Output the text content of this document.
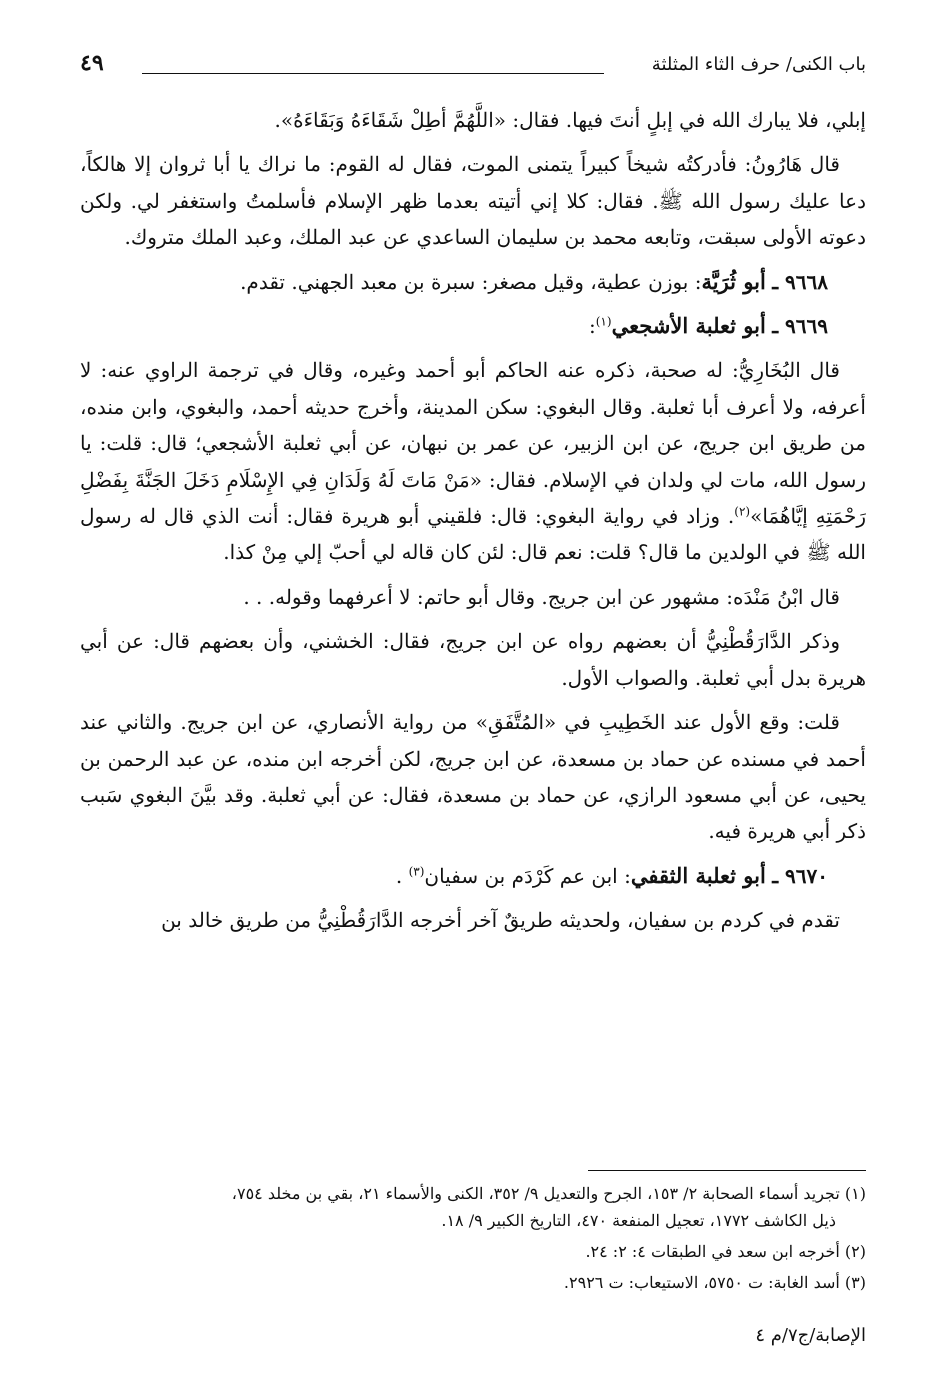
باب الكنى/ حرف الثاء المثلثة
٤٩

إبلي، فلا يبارك الله في إبلٍ أنتَ فيها. فقال: «اللَّهُمَّ أطِلْ شَقَاءَهُ وَبَقَاءَهُ».

قال هَارُونُ: فأدركتُه شيخاً كبيراً يتمنى الموت، فقال له القوم: ما نراك يا أبا ثروان إلا هالكاً، دعا عليك رسول الله ﷺ. فقال: كلا إني أتيته بعدما ظهر الإسلام فأسلمتُ واستغفر لي. ولكن دعوته الأولى سبقت، وتابعه محمد بن سليمان الساعدي عن عبد الملك، وعبد الملك متروك.

٩٦٦٨ ـ أبو ثُرَيَّة: بوزن عطية، وقيل مصغر: سبرة بن معبد الجهني. تقدم.

٩٦٦٩ ـ أبو ثعلبة الأشجعي$^{(١)}$:

قال البُخَارِيُّ: له صحبة، ذكره عنه الحاكم أبو أحمد وغيره، وقال في ترجمة الراوي عنه: لا أعرفه، ولا أعرف أبا ثعلبة. وقال البغوي: سكن المدينة، وأخرج حديثه أحمد، والبغوي، وابن منده، من طريق ابن جريج، عن ابن الزبير، عن عمر بن نبهان، عن أبي ثعلبة الأشجعي؛ قال: قلت: يا رسول الله، مات لي ولدان في الإسلام. فقال: «مَنْ مَاتَ لَهُ وَلَدَانِ فِي الإِسْلَامِ دَخَلَ الجَنَّةَ بِفَضْلِ رَحْمَتِهِ إيَّاهُمَا»$^{(٢)}$. وزاد في رواية البغوي: قال: فلقيني أبو هريرة فقال: أنت الذي قال له رسول الله ﷺ في الولدين ما قال؟ قلت: نعم قال: لئن كان قاله لي أحبّ إلي مِنْ كذا.

قال ابْنُ مَنْدَه: مشهور عن ابن جريج. وقال أبو حاتم: لا أعرفهما وقوله. . .

وذكر الدَّارَقُطْنِيُّ أن بعضهم رواه عن ابن جريج، فقال: الخشني، وأن بعضهم قال: عن أبي هريرة بدل أبي ثعلبة. والصواب الأول.

قلت: وقع الأول عند الخَطِيبِ في «المُتَّفَقِ» من رواية الأنصاري، عن ابن جريج. والثاني عند أحمد في مسنده عن حماد بن مسعدة، عن ابن جريج، لكن أخرجه ابن منده، عن عبد الرحمن بن يحيى، عن أبي مسعود الرازي، عن حماد بن مسعدة، فقال: عن أبي ثعلبة. وقد بيَّنَ البغوي سَبب ذكر أبي هريرة فيه.

٩٦٧٠ ـ أبو ثعلبة الثقفي: ابن عم كَرْدَم بن سفيان$^{(٣)}$ .

تقدم في كردم بن سفيان، ولحديثه طريقٌ آخر أخرجه الدَّارَقُطْنِيُّ من طريق خالد بن

(١) تجريد أسماء الصحابة ٢/ ١٥٣، الجرح والتعديل ٩/ ٣٥٢، الكنى والأسماء ٢١، بقي بن مخلد ٧٥٤،
ذيل الكاشف ١٧٧٢، تعجيل المنفعة ٤٧٠، التاريخ الكبير ٩/ ١٨.
(٢) أخرجه ابن سعد في الطبقات ٤: ٢: ٢٤.
(٣) أسد الغابة: ت ٥٧٥٠، الاستيعاب: ت ٢٩٢٦.
الإصابة/ج٧/م ٤
